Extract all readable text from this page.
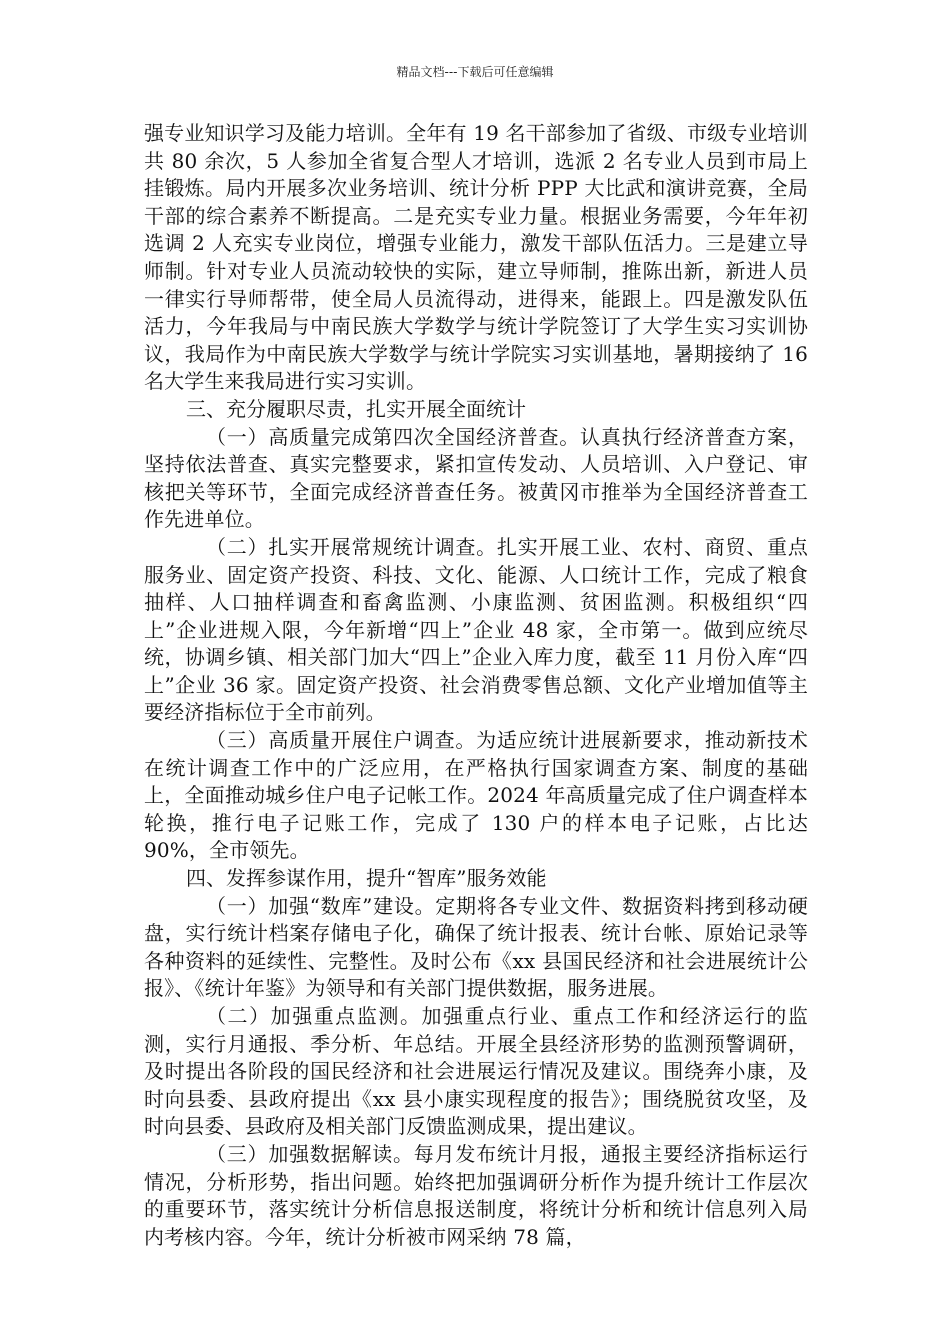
精品文档---下载后可任意编辑

强专业知识学习及能力培训。全年有 19 名干部参加了省级、市级专业培训共 80 余次，5 人参加全省复合型人才培训，选派 2 名专业人员到市局上挂锻炼。局内开展多次业务培训、统计分析 PPP 大比武和演讲竞赛，全局干部的综合素养不断提高。二是充实专业力量。根据业务需要，今年年初选调 2 人充实专业岗位，增强专业能力，激发干部队伍活力。三是建立导师制。针对专业人员流动较快的实际，建立导师制，推陈出新，新进人员一律实行导师帮带，使全局人员流得动，进得来，能跟上。四是激发队伍活力，今年我局与中南民族大学数学与统计学院签订了大学生实习实训协议，我局作为中南民族大学数学与统计学院实习实训基地，暑期接纳了 16 名大学生来我局进行实习实训。

三、充分履职尽责，扎实开展全面统计

（一）高质量完成第四次全国经济普查。认真执行经济普查方案，坚持依法普查、真实完整要求，紧扣宣传发动、人员培训、入户登记、审核把关等环节，全面完成经济普查任务。被黄冈市推举为全国经济普查工作先进单位。

（二）扎实开展常规统计调查。扎实开展工业、农村、商贸、重点服务业、固定资产投资、科技、文化、能源、人口统计工作，完成了粮食抽样、人口抽样调查和畜禽监测、小康监测、贫困监测。积极组织“四上”企业进规入限，今年新增“四上”企业 48 家，全市第一。做到应统尽统，协调乡镇、相关部门加大“四上”企业入库力度，截至 11 月份入库“四上”企业 36 家。固定资产投资、社会消费零售总额、文化产业增加值等主要经济指标位于全市前列。

（三）高质量开展住户调查。为适应统计进展新要求，推动新技术在统计调查工作中的广泛应用，在严格执行国家调查方案、制度的基础上，全面推动城乡住户电子记帐工作。2024 年高质量完成了住户调查样本轮换，推行电子记账工作，完成了 130 户的样本电子记账，占比达 90%，全市领先。

四、发挥参谋作用，提升“智库”服务效能

（一）加强“数库”建设。定期将各专业文件、数据资料拷到移动硬盘，实行统计档案存储电子化，确保了统计报表、统计台帐、原始记录等各种资料的延续性、完整性。及时公布《xx 县国民经济和社会进展统计公报》、《统计年鉴》为领导和有关部门提供数据，服务进展。

（二）加强重点监测。加强重点行业、重点工作和经济运行的监测，实行月通报、季分析、年总结。开展全县经济形势的监测预警调研，及时提出各阶段的国民经济和社会进展运行情况及建议。围绕奔小康，及时向县委、县政府提出《xx 县小康实现程度的报告》；围绕脱贫攻坚，及时向县委、县政府及相关部门反馈监测成果，提出建议。

（三）加强数据解读。每月发布统计月报，通报主要经济指标运行情况，分析形势，指出问题。始终把加强调研分析作为提升统计工作层次的重要环节，落实统计分析信息报送制度，将统计分析和统计信息列入局内考核内容。今年，统计分析被市网采纳 78 篇，
